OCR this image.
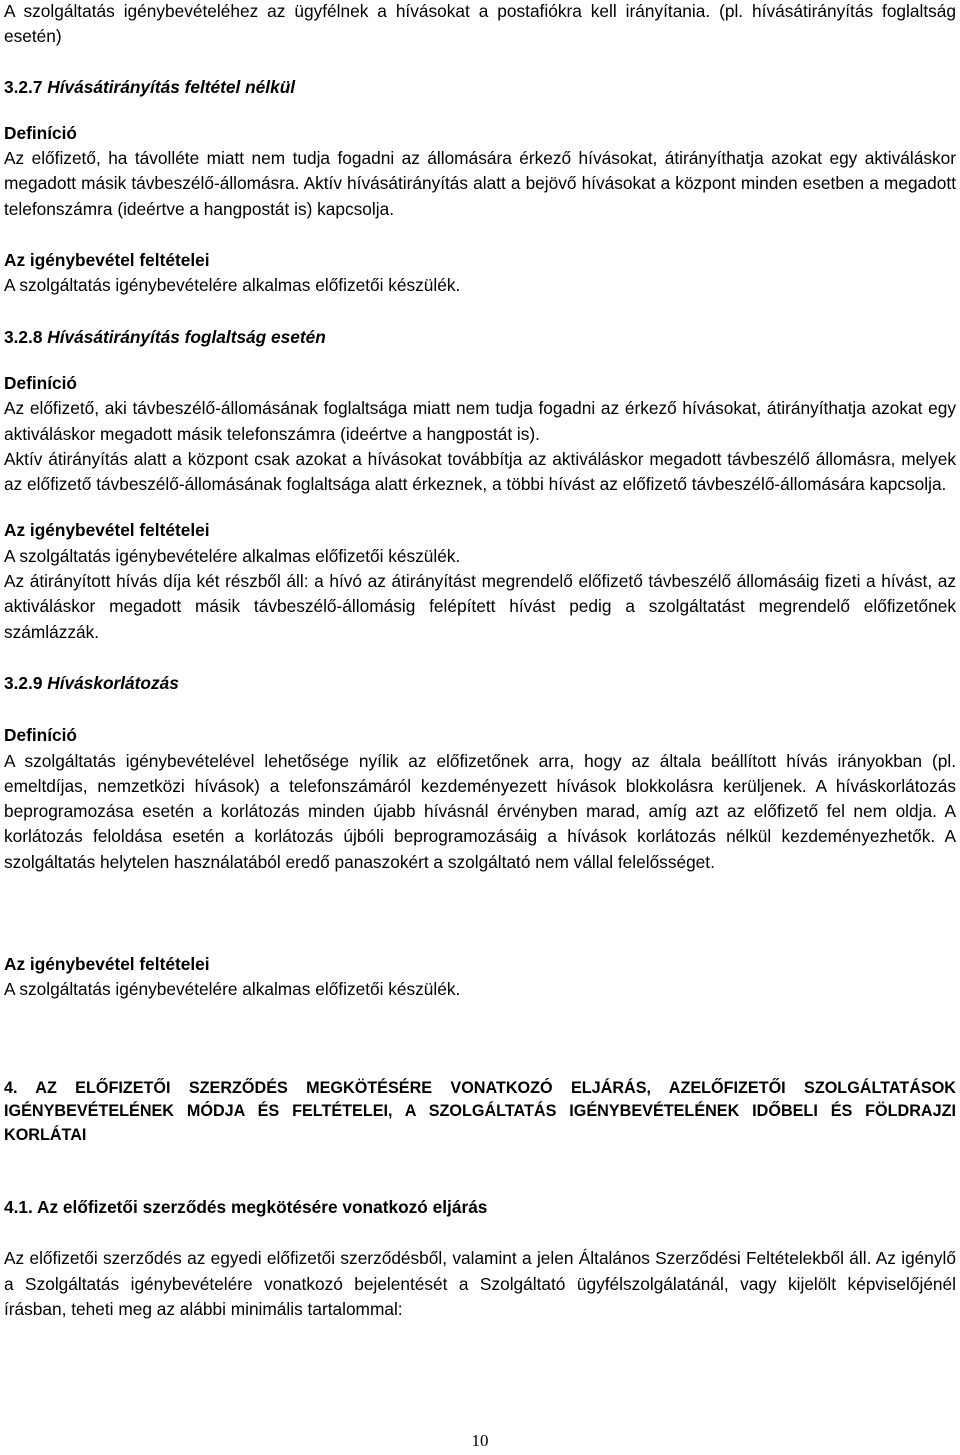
A szolgáltatás igénybevételéhez az ügyfélnek a hívásokat a postafiókra kell irányítania. (pl. hívásátirányítás foglaltság esetén)

3.2.7 Hívásátirányítás feltétel nélkül

Definíció

Az előfizető, ha távolléte miatt nem tudja fogadni az állomására érkező hívásokat, átirányíthatja azokat egy aktiváláskor megadott másik távbeszélő-állomásra. Aktív hívásátirányítás alatt a bejövő hívásokat a központ minden esetben a megadott telefonszámra (ideértve a hangpostát is) kapcsolja.

Az igénybevétel feltételei

A szolgáltatás igénybevételére alkalmas előfizetői készülék.

3.2.8 Hívásátirányítás foglaltság esetén

Definíció

Az előfizető, aki távbeszélő-állomásának foglaltsága miatt nem tudja fogadni az érkező hívásokat, átirányíthatja azokat egy aktiváláskor megadott másik telefonszámra (ideértve a hangpostát is).

Aktív átirányítás alatt a központ csak azokat a hívásokat továbbítja az aktiváláskor megadott távbeszélő állomásra, melyek az előfizető távbeszélő-állomásának foglaltsága alatt érkeznek, a többi hívást az előfizető távbeszélő-állomására kapcsolja.

Az igénybevétel feltételei

A szolgáltatás igénybevételére alkalmas előfizetői készülék.

Az átirányított hívás díja két részből áll: a hívó az átirányítást megrendelő előfizető távbeszélő állomásáig fizeti a hívást, az aktiváláskor megadott másik távbeszélő-állomásig felépített hívást pedig a szolgáltatást megrendelő előfizetőnek számlázzák.

3.2.9 Híváskorlátozás

Definíció

A szolgáltatás igénybevételével lehetősége nyílik az előfizetőnek arra, hogy az általa beállított hívás irányokban (pl. emeltdíjas, nemzetközi hívások) a telefonszámáról kezdeményezett hívások blokkolásra kerüljenek. A híváskorlátozás beprogramozása esetén a korlátozás minden újabb hívásnál érvényben marad, amíg azt az előfizető fel nem oldja. A korlátozás feloldása esetén a korlátozás újbóli beprogramozásáig a hívások korlátozás nélkül kezdeményezhetők. A szolgáltatás helytelen használatából eredő panaszokért a szolgáltató nem vállal felelősséget.

Az igénybevétel feltételei

A szolgáltatás igénybevételére alkalmas előfizetői készülék.

4. AZ ELŐFIZETŐI SZERZŐDÉS MEGKÖTÉSÉRE VONATKOZÓ ELJÁRÁS, AZELŐFIZETŐI SZOLGÁLTATÁSOK IGÉNYBEVÉTELÉNEK MÓDJA ÉS FELTÉTELEI, A SZOLGÁLTATÁS IGÉNYBEVÉTELÉNEK IDŐBELI ÉS FÖLDRAJZI KORLÁTAI
4.1. Az előfizetői szerződés megkötésére vonatkozó eljárás

Az előfizetői szerződés az egyedi előfizetői szerződésből, valamint a jelen Általános Szerződési Feltételekből áll. Az igénylő a Szolgáltatás igénybevételére vonatkozó bejelentését a Szolgáltató ügyfélszolgálatánál, vagy kijelölt képviselőjénél írásban, teheti meg az alábbi minimális tartalommal:

10
